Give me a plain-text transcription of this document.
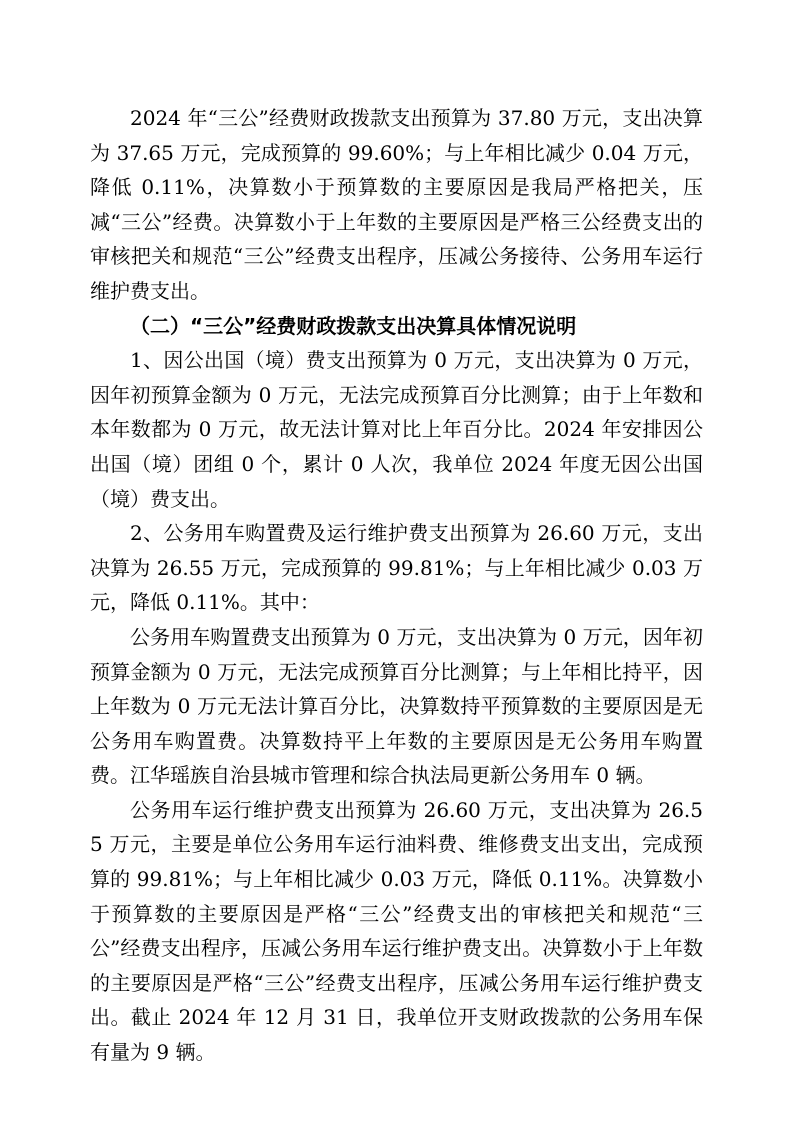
2024 年“三公”经费财政拨款支出预算为 37.80 万元，支出决算为 37.65 万元，完成预算的 99.60%；与上年相比减少 0.04 万元，降低 0.11%，决算数小于预算数的主要原因是我局严格把关，压减“三公”经费。决算数小于上年数的主要原因是严格三公经费支出的审核把关和规范“三公”经费支出程序，压减公务接待、公务用车运行维护费支出。

（二）“三公”经费财政拨款支出决算具体情况说明

1、因公出国（境）费支出预算为 0 万元，支出决算为 0 万元，因年初预算金额为 0 万元，无法完成预算百分比测算；由于上年数和本年数都为 0 万元，故无法计算对比上年百分比。2024 年安排因公出国（境）团组 0 个，累计 0 人次，我单位 2024 年度无因公出国（境）费支出。

2、公务用车购置费及运行维护费支出预算为 26.60 万元，支出决算为 26.55 万元，完成预算的 99.81%；与上年相比减少 0.03 万元，降低 0.11%。其中：

公务用车购置费支出预算为 0 万元，支出决算为 0 万元，因年初预算金额为 0 万元，无法完成预算百分比测算；与上年相比持平，因上年数为 0 万元无法计算百分比，决算数持平预算数的主要原因是无公务用车购置费。决算数持平上年数的主要原因是无公务用车购置费。江华瑶族自治县城市管理和综合执法局更新公务用车 0 辆。

公务用车运行维护费支出预算为 26.60 万元，支出决算为 26.55 万元，主要是单位公务用车运行油料费、维修费支出支出，完成预算的 99.81%；与上年相比减少 0.03 万元，降低 0.11%。决算数小于预算数的主要原因是严格“三公”经费支出的审核把关和规范“三公”经费支出程序，压减公务用车运行维护费支出。决算数小于上年数的主要原因是严格“三公”经费支出程序，压减公务用车运行维护费支出。截止 2024 年 12 月 31 日，我单位开支财政拨款的公务用车保有量为 9 辆。
